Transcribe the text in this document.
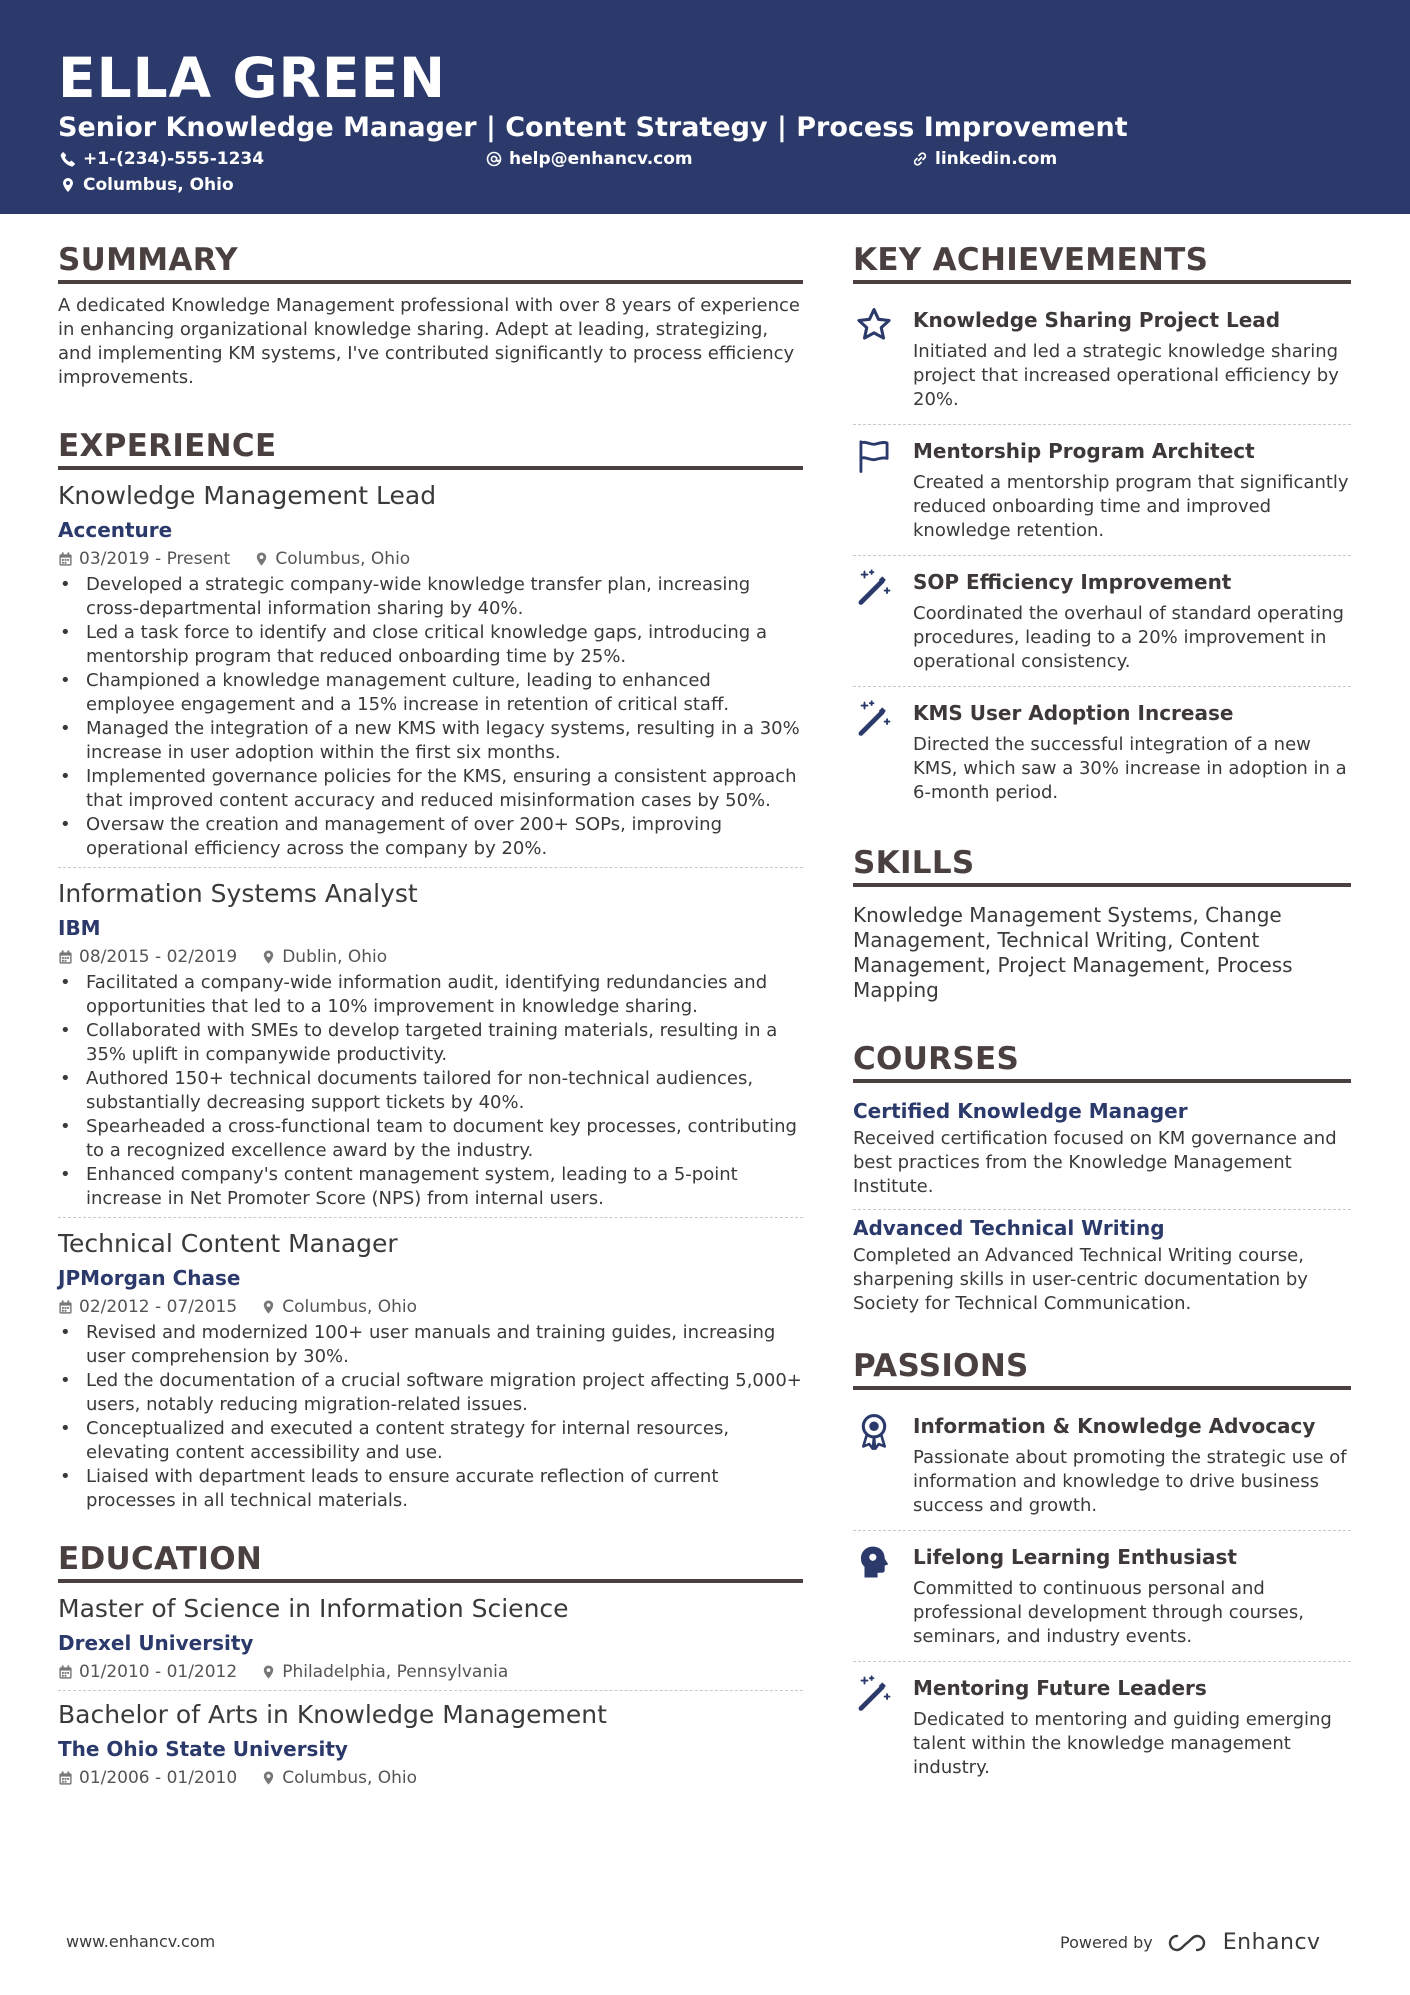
ELLA GREEN
Senior Knowledge Manager | Content Strategy | Process Improvement
+1-(234)-555-1234	help@enhancv.com	linkedin.com
Columbus, Ohio
SUMMARY
A dedicated Knowledge Management professional with over 8 years of experience in enhancing organizational knowledge sharing. Adept at leading, strategizing, and implementing KM systems, I've contributed significantly to process efficiency improvements.
EXPERIENCE
Knowledge Management Lead
Accenture
03/2019 - Present	Columbus, Ohio
• Developed a strategic company-wide knowledge transfer plan, increasing cross-departmental information sharing by 40%.
• Led a task force to identify and close critical knowledge gaps, introducing a mentorship program that reduced onboarding time by 25%.
• Championed a knowledge management culture, leading to enhanced employee engagement and a 15% increase in retention of critical staff.
• Managed the integration of a new KMS with legacy systems, resulting in a 30% increase in user adoption within the first six months.
• Implemented governance policies for the KMS, ensuring a consistent approach that improved content accuracy and reduced misinformation cases by 50%.
• Oversaw the creation and management of over 200+ SOPs, improving operational efficiency across the company by 20%.
Information Systems Analyst
IBM
08/2015 - 02/2019	Dublin, Ohio
• Facilitated a company-wide information audit, identifying redundancies and opportunities that led to a 10% improvement in knowledge sharing.
• Collaborated with SMEs to develop targeted training materials, resulting in a 35% uplift in companywide productivity.
• Authored 150+ technical documents tailored for non-technical audiences, substantially decreasing support tickets by 40%.
• Spearheaded a cross-functional team to document key processes, contributing to a recognized excellence award by the industry.
• Enhanced company's content management system, leading to a 5-point increase in Net Promoter Score (NPS) from internal users.
Technical Content Manager
JPMorgan Chase
02/2012 - 07/2015	Columbus, Ohio
• Revised and modernized 100+ user manuals and training guides, increasing user comprehension by 30%.
• Led the documentation of a crucial software migration project affecting 5,000+ users, notably reducing migration-related issues.
• Conceptualized and executed a content strategy for internal resources, elevating content accessibility and use.
• Liaised with department leads to ensure accurate reflection of current processes in all technical materials.
EDUCATION
Master of Science in Information Science
Drexel University
01/2010 - 01/2012	Philadelphia, Pennsylvania
Bachelor of Arts in Knowledge Management
The Ohio State University
01/2006 - 01/2010	Columbus, Ohio
KEY ACHIEVEMENTS
Knowledge Sharing Project Lead
Initiated and led a strategic knowledge sharing project that increased operational efficiency by 20%.
Mentorship Program Architect
Created a mentorship program that significantly reduced onboarding time and improved knowledge retention.
SOP Efficiency Improvement
Coordinated the overhaul of standard operating procedures, leading to a 20% improvement in operational consistency.
KMS User Adoption Increase
Directed the successful integration of a new KMS, which saw a 30% increase in adoption in a 6-month period.
SKILLS
Knowledge Management Systems, Change Management, Technical Writing, Content Management, Project Management, Process Mapping
COURSES
Certified Knowledge Manager
Received certification focused on KM governance and best practices from the Knowledge Management Institute.
Advanced Technical Writing
Completed an Advanced Technical Writing course, sharpening skills in user-centric documentation by Society for Technical Communication.
PASSIONS
Information & Knowledge Advocacy
Passionate about promoting the strategic use of information and knowledge to drive business success and growth.
Lifelong Learning Enthusiast
Committed to continuous personal and professional development through courses, seminars, and industry events.
Mentoring Future Leaders
Dedicated to mentoring and guiding emerging talent within the knowledge management industry.
www.enhancv.com	Powered by	Enhancv
